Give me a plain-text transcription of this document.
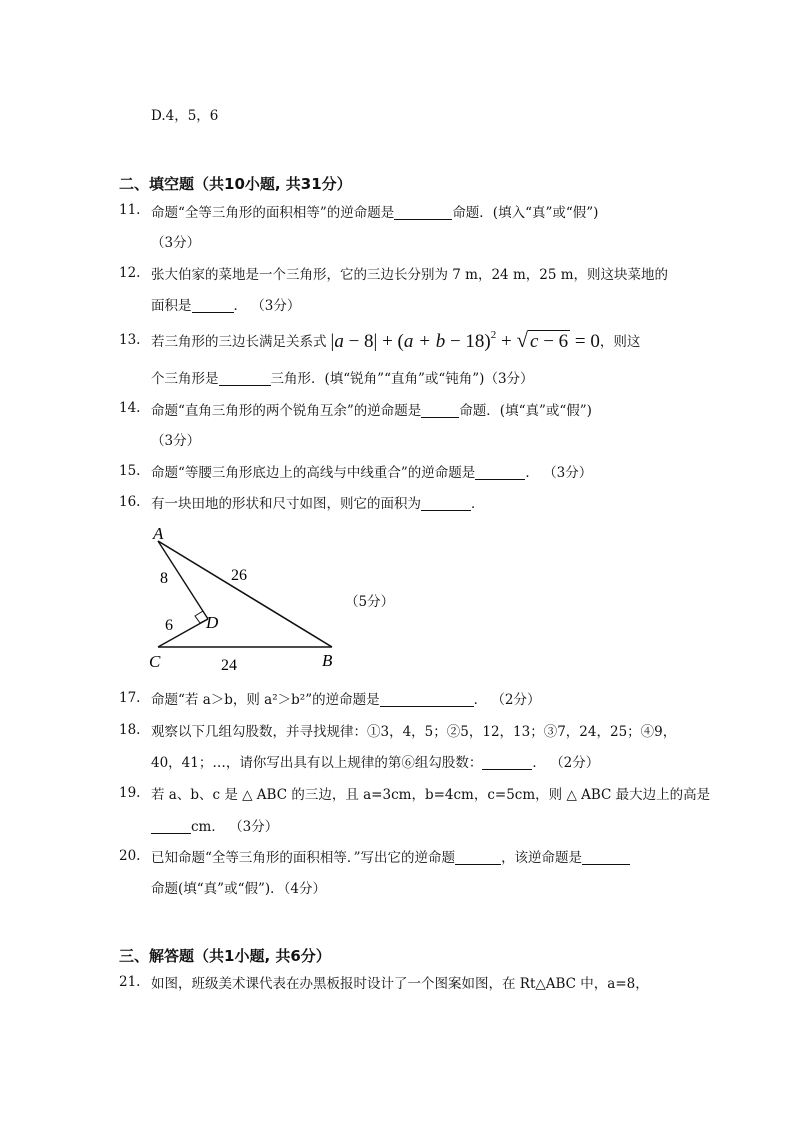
D.4，5，6
二、填空题（共10小题, 共31分）
11. 命题“全等三角形的面积相等”的逆命题是	命题．(填入“真”或“假”)
（3分）
12. 张大伯家的菜地是一个三角形，它的三边长分别为 7 m，24 m，25 m，则这块菜地的
面积是	． （3分）
13. 若三角形的三边长满足关系式 $|a - 8| + (a + b - 18)^2$ + √ c − 6 = 0 ，则这
个三角形是	三角形．(填“锐角”“直角”或“钝角”)（3分）
14. 命题“直角三角形的两个锐角互余”的逆命题是	命题．(填“真”或“假”)
（3分）
15. 命题“等腰三角形底边上的高线与中线重合”的逆命题是	． （3分）
16. 有一块田地的形状和尺寸如图，则它的面积为	．
A
B
C
D
8	26
6
24
（5分）
17. 命题“若 a＞b，则 a²＞b²”的逆命题是	． （2分）
18. 观察以下几组勾股数，并寻找规律：①3，4，5；②5，12，13；③7，24，25；④9，
40，41；…，请你写出具有以上规律的第⑥组勾股数：	． （2分）
19. 若 a、b、c 是 △ ABC 的三边，且 a=3cm，b=4cm，c=5cm，则 △ ABC 最大边上的高是
cm． （3分）
20. 已知命题“全等三角形的面积相等．”写出它的逆命题	，该逆命题是
命题(填“真”或“假”)．（4分）
三、解答题（共1小题, 共6分）
21. 如图，班级美术课代表在办黑板报时设计了一个图案如图，在 Rt△ABC 中，a=8，
